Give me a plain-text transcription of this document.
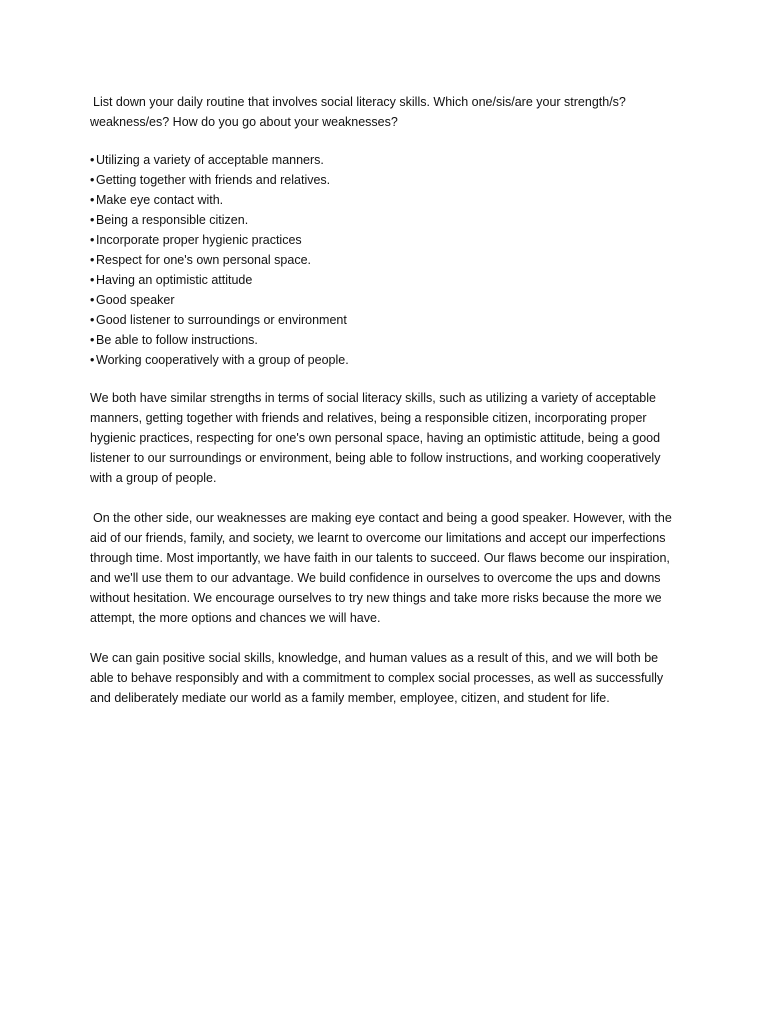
List down your daily routine that involves social literacy skills. Which one/sis/are your strength/s? weakness/es? How do you go about your weaknesses?

• Utilizing a variety of acceptable manners.
• Getting together with friends and relatives.
• Make eye contact with.
• Being a responsible citizen.
• Incorporate proper hygienic practices
• Respect for one's own personal space.
• Having an optimistic attitude
• Good speaker
• Good listener to surroundings or environment
• Be able to follow instructions.
• Working cooperatively with a group of people.

We both have similar strengths in terms of social literacy skills, such as utilizing a variety of acceptable manners, getting together with friends and relatives, being a responsible citizen, incorporating proper hygienic practices, respecting for one's own personal space, having an optimistic attitude, being a good listener to our surroundings or environment, being able to follow instructions, and working cooperatively with a group of people.

On the other side, our weaknesses are making eye contact and being a good speaker. However, with the aid of our friends, family, and society, we learnt to overcome our limitations and accept our imperfections through time. Most importantly, we have faith in our talents to succeed. Our flaws become our inspiration, and we'll use them to our advantage. We build confidence in ourselves to overcome the ups and downs without hesitation. We encourage ourselves to try new things and take more risks because the more we attempt, the more options and chances we will have.

We can gain positive social skills, knowledge, and human values as a result of this, and we will both be able to behave responsibly and with a commitment to complex social processes, as well as successfully and deliberately mediate our world as a family member, employee, citizen, and student for life.
